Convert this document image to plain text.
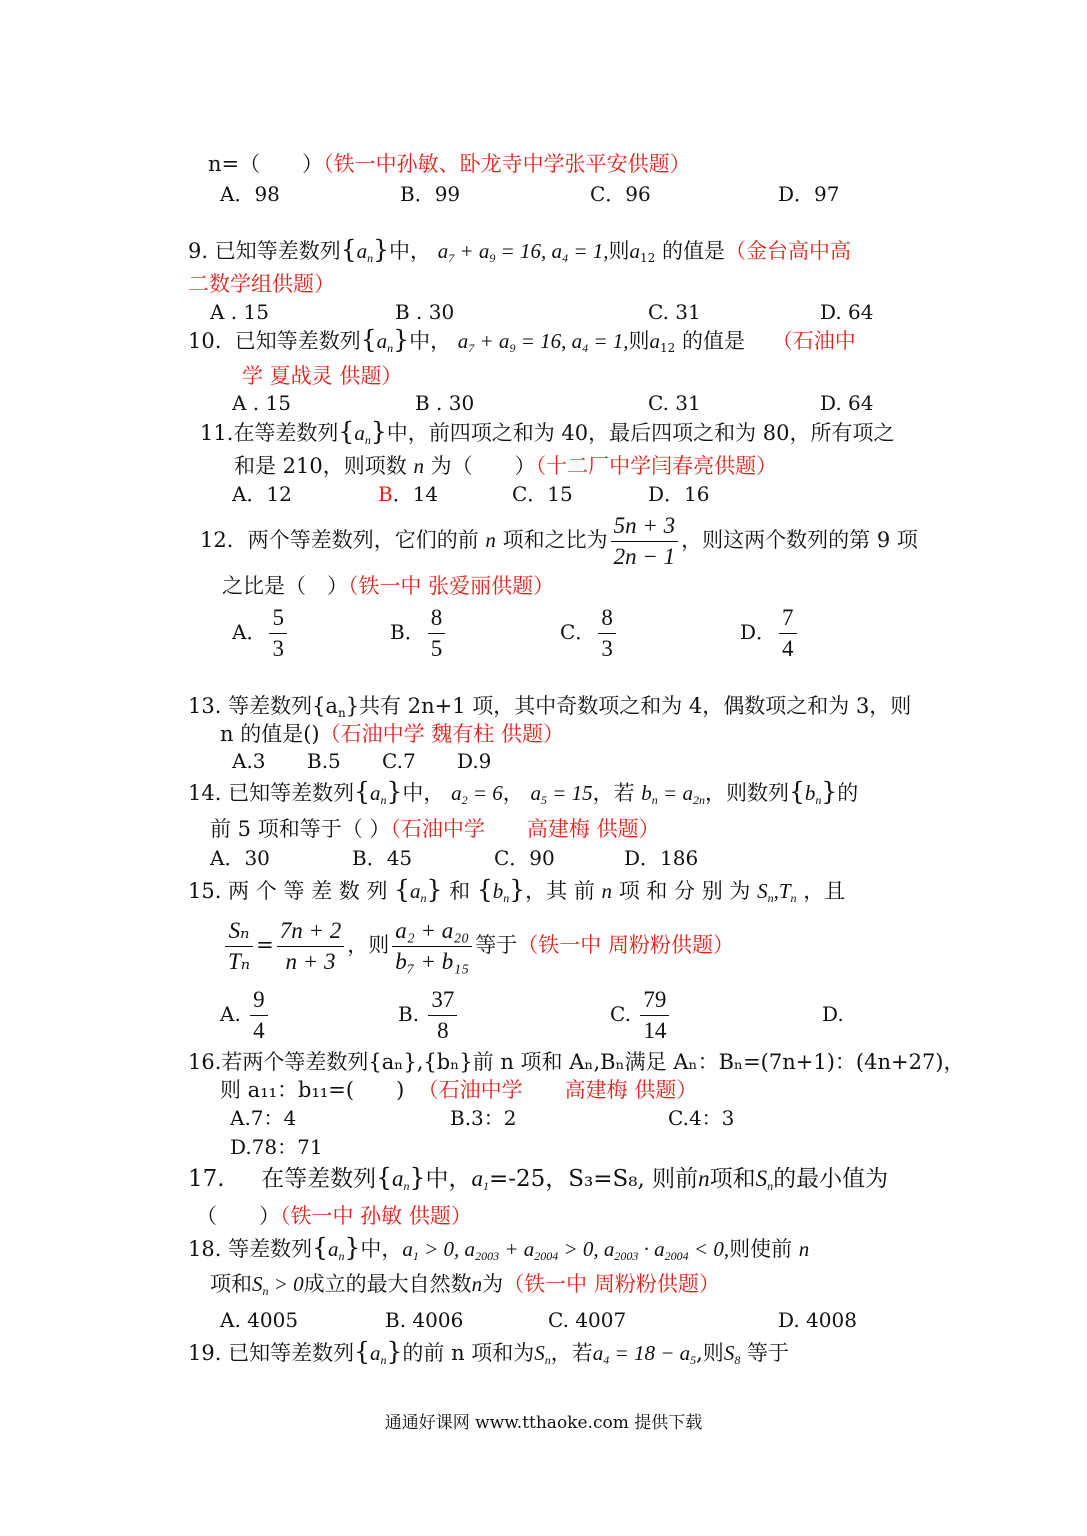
n=（　　）（铁一中孙敏、卧龙寺中学张平安供题）
A．98	B．99	C．96	D．97
9. 已知等差数列$\{a_n\}$中， $a_7 + a_9 = 16$, $a_4 = 1$,则$a_{12}$ 的值是（金台高中高
二数学组供题）
A . 15	B . 30	C. 31	D. 64
10. 已知等差数列$\{a_n\}$中， $a_7 + a_9 = 16$, $a_4 = 1$,则$a_{12}$ 的值是 （石油中
学 夏战灵 供题）
A . 15	B . 30	C. 31	D. 64
11.在等差数列$\{a_n\}$中，前四项之和为 40，最后四项之和为 80，所有项之
和是 210，则项数 n 为（　　）（十二厂中学闫春亮供题）
A．12	B．14	C．15	D．16
12．两个等差数列，它们的前 n 项和之比为 $\frac{5n + 3}{2n - 1}$ ，则这两个数列的第 9 项
之比是（　）（铁一中 张爱丽供题）
A． $\frac{5}{3}$	B． $\frac{8}{5}$	C． $\frac{8}{3}$	D． $\frac{7}{4}$
13. 等差数列$\{a_n\}$共有 2n+1 项，其中奇数项之和为 4，偶数项之和为 3，则
n 的值是()（石油中学 魏有柱 供题）
A.3 B.5 C.7 D.9
14. 已知等差数列$\{a_n\}$中， $a_2 = 6$， $a_5 = 15$，若 $b_n = a_{2n}$，则数列$\{b_n\}$的
前 5 项和等于（ ）（石油中学　　高建梅 供题）
A．30	B．45	C．90	D．186
15. 两 个 等 差 数 列 $\{a_n\}$ 和 $\{b_n\}$，其 前 n 项 和 分 别 为 $S_n,T_n$ ，且
$\frac{\text{Sₙ}}{\text{Tₙ}} = \frac{7n + 2}{n + 3}$ ，则 $\frac{\text{a₂ + a₂₀}}{\text{b₇ + b₁₅}}$ 等于（铁一中 周粉粉供题）
A. $\frac{9}{4}$	B. $\frac{37}{8}$	C. $\frac{79}{14}$	D.
16.若两个等差数列{aₙ},{bₙ}前 n 项和 Aₙ,Bₙ满足 Aₙ：Bₙ=(7n+1)：(4n+27)，
则 a₁₁：b₁₁=(　　) （石油中学　　高建梅 供题）
A.7：4	B.3：2	C.4：3
D.78：71
17. 在等差数列$\{a_n\}$中，$a_1=-25$，S₃=S₈, 则前n项和$S_n$的最小值为
（　　）（铁一中 孙敏 供题）
18. 等差数列$\{a_n\}$中，$a_1 > 0$, $a_{2003} + a_{2004} > 0$, $a_{2003} \cdot a_{2004} < 0$,则使前 n
项和$S_n > 0$成立的最大自然数n为（铁一中 周粉粉供题）
A. 4005	B. 4006	C. 4007	D. 4008
19. 已知等差数列$\{a_n\}$的前 n 项和为$S_n$，若$a_4 = 18 - a_5$,则$S_8$ 等于
通通好课网 www.tthaoke.com 提供下载
